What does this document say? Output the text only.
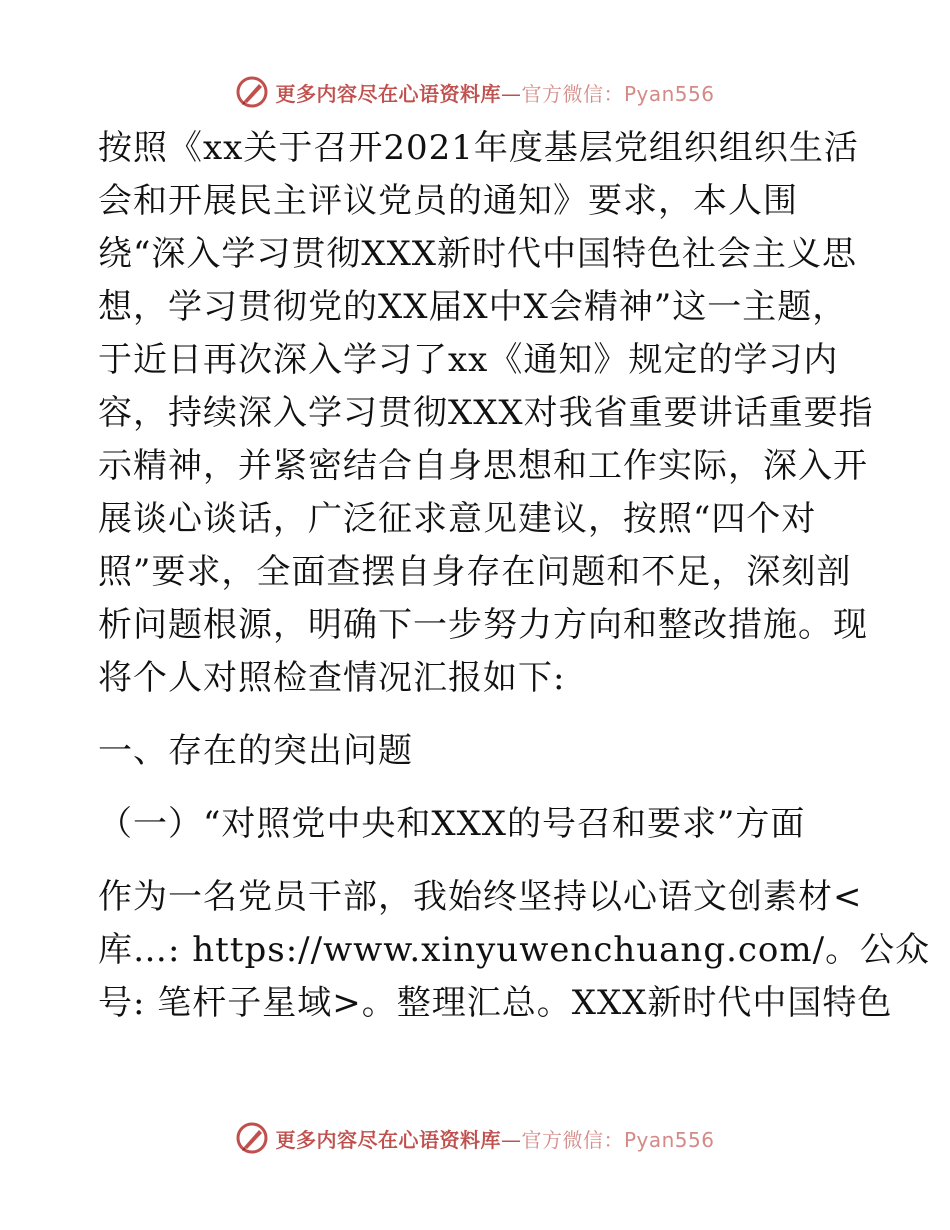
更多内容尽在心语资料库—官方微信：Pyan556
按照《xx关于召开2021年度基层党组织组织生活
会和开展民主评议党员的通知》要求，本人围
绕“深入学习贯彻XXX新时代中国特色社会主义思
想，学习贯彻党的XX届X中X会精神”这一主题，
于近日再次深入学习了xx《通知》规定的学习内
容，持续深入学习贯彻XXX对我省重要讲话重要指
示精神，并紧密结合自身思想和工作实际，深入开
展谈心谈话，广泛征求意见建议，按照“四个对
照”要求，全面查摆自身存在问题和不足，深刻剖
析问题根源，明确下一步努力方向和整改措施。现
将个人对照检查情况汇报如下:
一、存在的突出问题
（一）“对照党中央和XXX的号召和要求”方面
作为一名党员干部，我始终坚持以心语文创素材<
库…: https://www.xinyuwenchuang.com/。公众
号: 笔杆子星域>。整理汇总。XXX新时代中国特色
更多内容尽在心语资料库—官方微信：Pyan556
